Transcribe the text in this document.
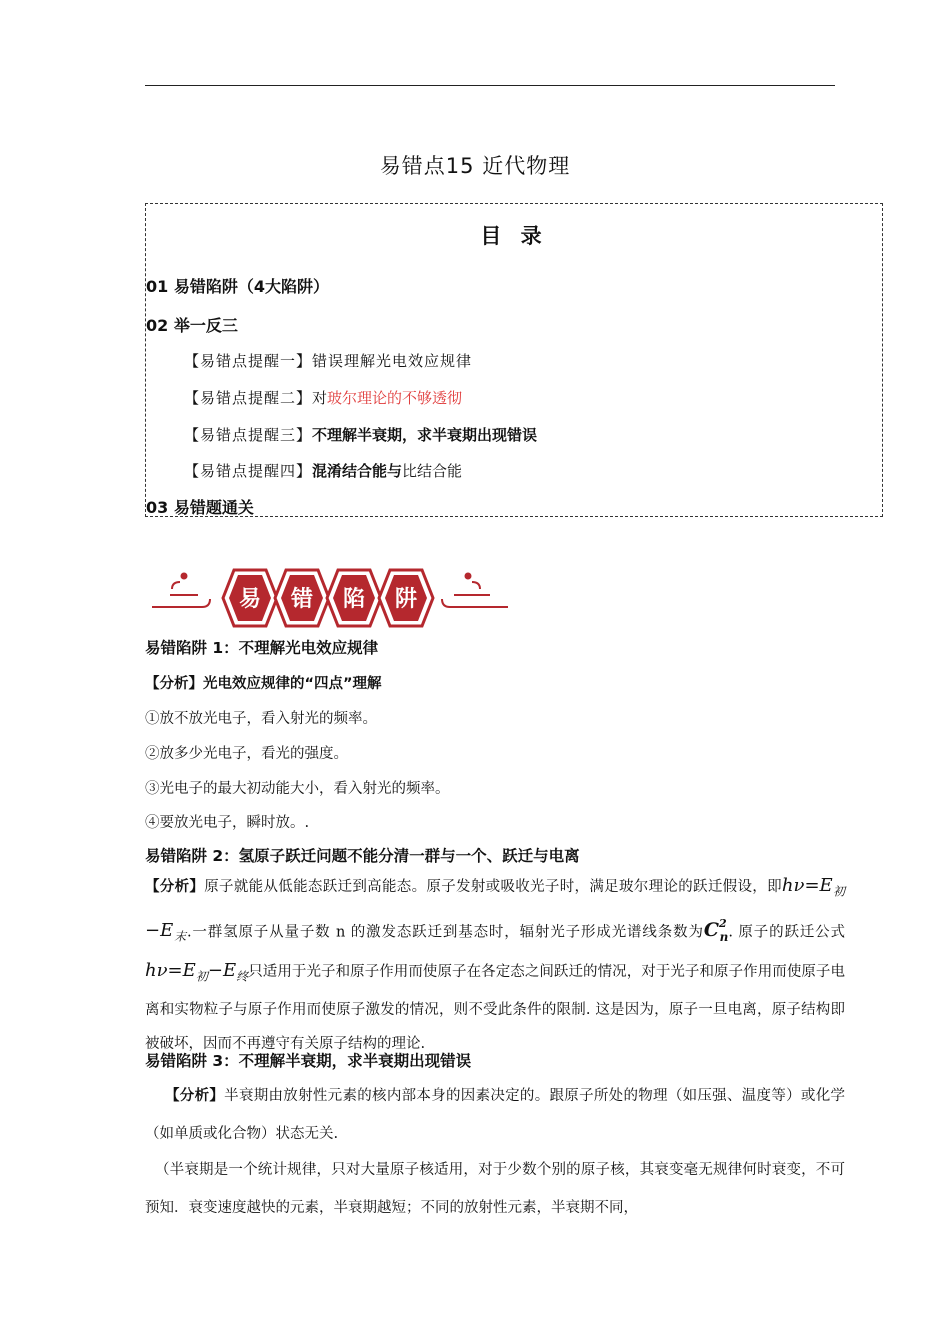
易错点15 近代物理
目 录
01 易错陷阱（4大陷阱）
02 举一反三
【易错点提醒一】错误理解光电效应规律
【易错点提醒二】对玻尔理论的不够透彻
【易错点提醒三】不理解半衰期，求半衰期出现错误
【易错点提醒四】混淆结合能与比结合能
03 易错题通关
易 错 陷 阱
易错陷阱 1：不理解光电效应规律
【分析】光电效应规律的“四点”理解
①放不放光电子，看入射光的频率。
②放多少光电子，看光的强度。
③光电子的最大初动能大小，看入射光的频率。
④要放光电子，瞬时放。.
易错陷阱 2：氢原子跃迁问题不能分清一群与一个、跃迁与电离
【分析】原子就能从低能态跃迁到高能态。原子发射或吸收光子时，满足玻尔理论的跃迁假设，即$h\nu=E_初-E_末$.一群氢原子从量子数 n 的激发态跃迁到基态时，辐射光子形成光谱线条数为$C^2_n$. 原子的跃迁公式$h\nu=E_初-E_终$只适用于光子和原子作用而使原子在各定态之间跃迁的情况，对于光子和原子作用而使原子电离和实物粒子与原子作用而使原子激发的情况，则不受此条件的限制. 这是因为，原子一旦电离，原子结构即被破坏，因而不再遵守有关原子结构的理论.
易错陷阱 3：不理解半衰期，求半衰期出现错误
【分析】半衰期由放射性元素的核内部本身的因素决定的。跟原子所处的物理（如压强、温度等）或化学（如单质或化合物）状态无关.
（半衰期是一个统计规律，只对大量原子核适用，对于少数个别的原子核，其衰变毫无规律何时衰变，不可预知．衰变速度越快的元素，半衰期越短；不同的放射性元素，半衰期不同，
